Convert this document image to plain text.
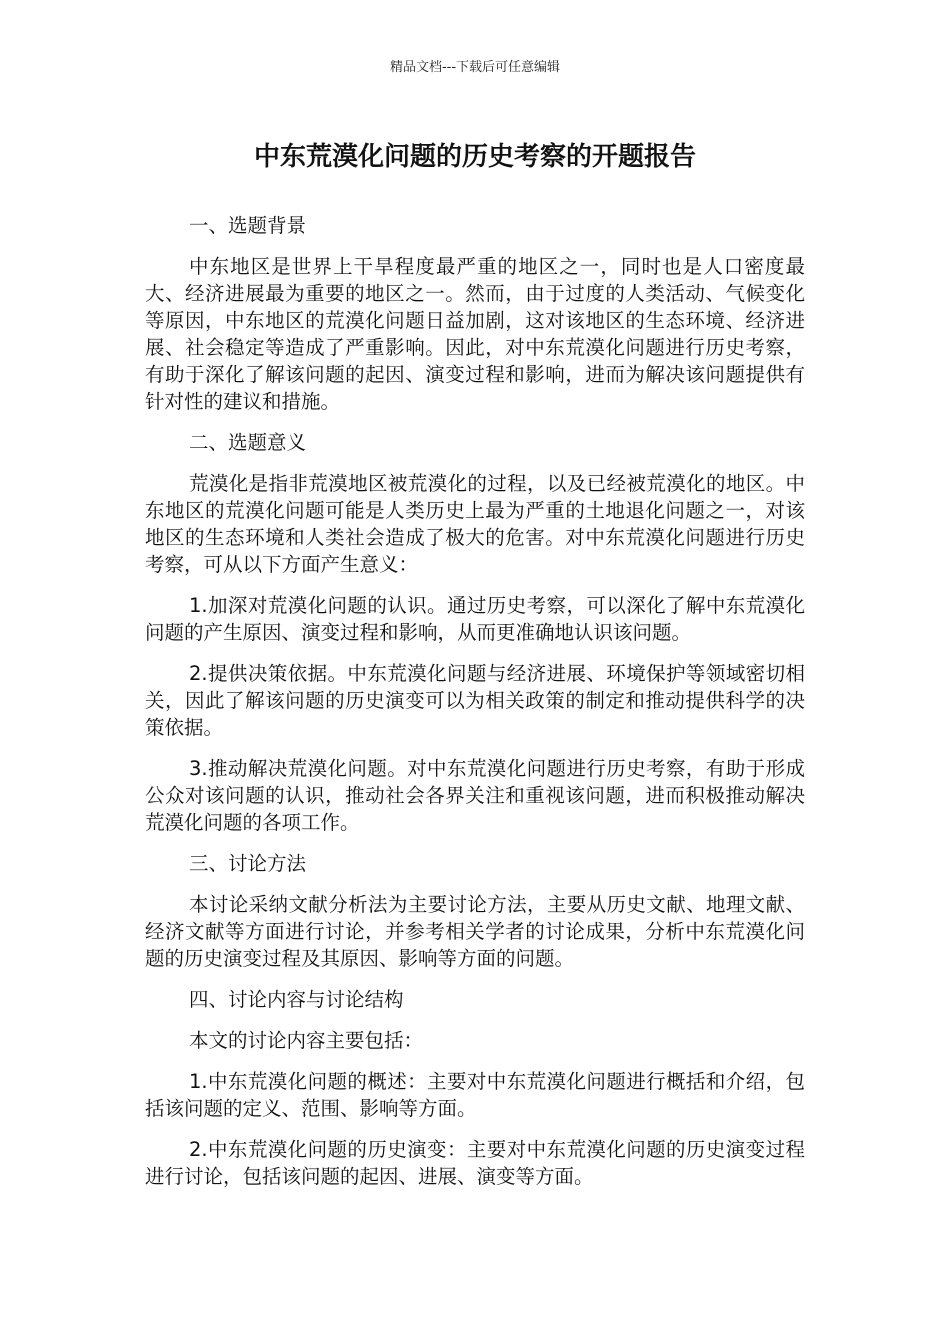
精品文档---下载后可任意编辑
中东荒漠化问题的历史考察的开题报告

一、选题背景

中东地区是世界上干旱程度最严重的地区之一，同时也是人口密度最大、经济进展最为重要的地区之一。然而，由于过度的人类活动、气候变化等原因，中东地区的荒漠化问题日益加剧，这对该地区的生态环境、经济进展、社会稳定等造成了严重影响。因此，对中东荒漠化问题进行历史考察，有助于深化了解该问题的起因、演变过程和影响，进而为解决该问题提供有针对性的建议和措施。

二、选题意义

荒漠化是指非荒漠地区被荒漠化的过程，以及已经被荒漠化的地区。中东地区的荒漠化问题可能是人类历史上最为严重的土地退化问题之一，对该地区的生态环境和人类社会造成了极大的危害。对中东荒漠化问题进行历史考察，可从以下方面产生意义：

1.加深对荒漠化问题的认识。通过历史考察，可以深化了解中东荒漠化问题的产生原因、演变过程和影响，从而更准确地认识该问题。

2.提供决策依据。中东荒漠化问题与经济进展、环境保护等领域密切相关，因此了解该问题的历史演变可以为相关政策的制定和推动提供科学的决策依据。

3.推动解决荒漠化问题。对中东荒漠化问题进行历史考察，有助于形成公众对该问题的认识，推动社会各界关注和重视该问题，进而积极推动解决荒漠化问题的各项工作。

三、讨论方法

本讨论采纳文献分析法为主要讨论方法，主要从历史文献、地理文献、经济文献等方面进行讨论，并参考相关学者的讨论成果，分析中东荒漠化问题的历史演变过程及其原因、影响等方面的问题。

四、讨论内容与讨论结构

本文的讨论内容主要包括：

1.中东荒漠化问题的概述：主要对中东荒漠化问题进行概括和介绍，包括该问题的定义、范围、影响等方面。

2.中东荒漠化问题的历史演变：主要对中东荒漠化问题的历史演变过程进行讨论，包括该问题的起因、进展、演变等方面。
